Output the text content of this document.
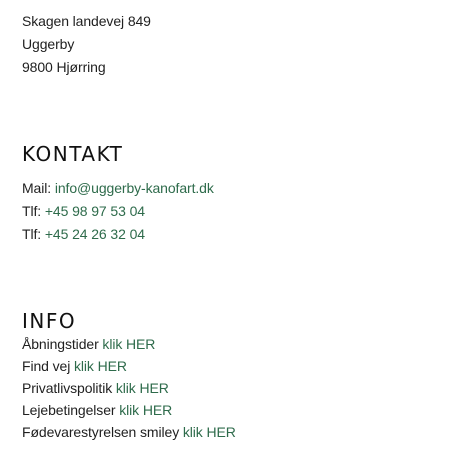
Skagen landevej 849
Uggerby
9800 Hjørring
KONTAKT
Mail: info@uggerby-kanofart.dk
Tlf: +45 98 97 53 04
Tlf: +45 24 26 32 04
INFO
Åbningstider klik HER
Find vej klik HER
Privatlivspolitik klik HER
Lejebetingelser klik HER
Fødevarestyrelsen smiley klik HER
